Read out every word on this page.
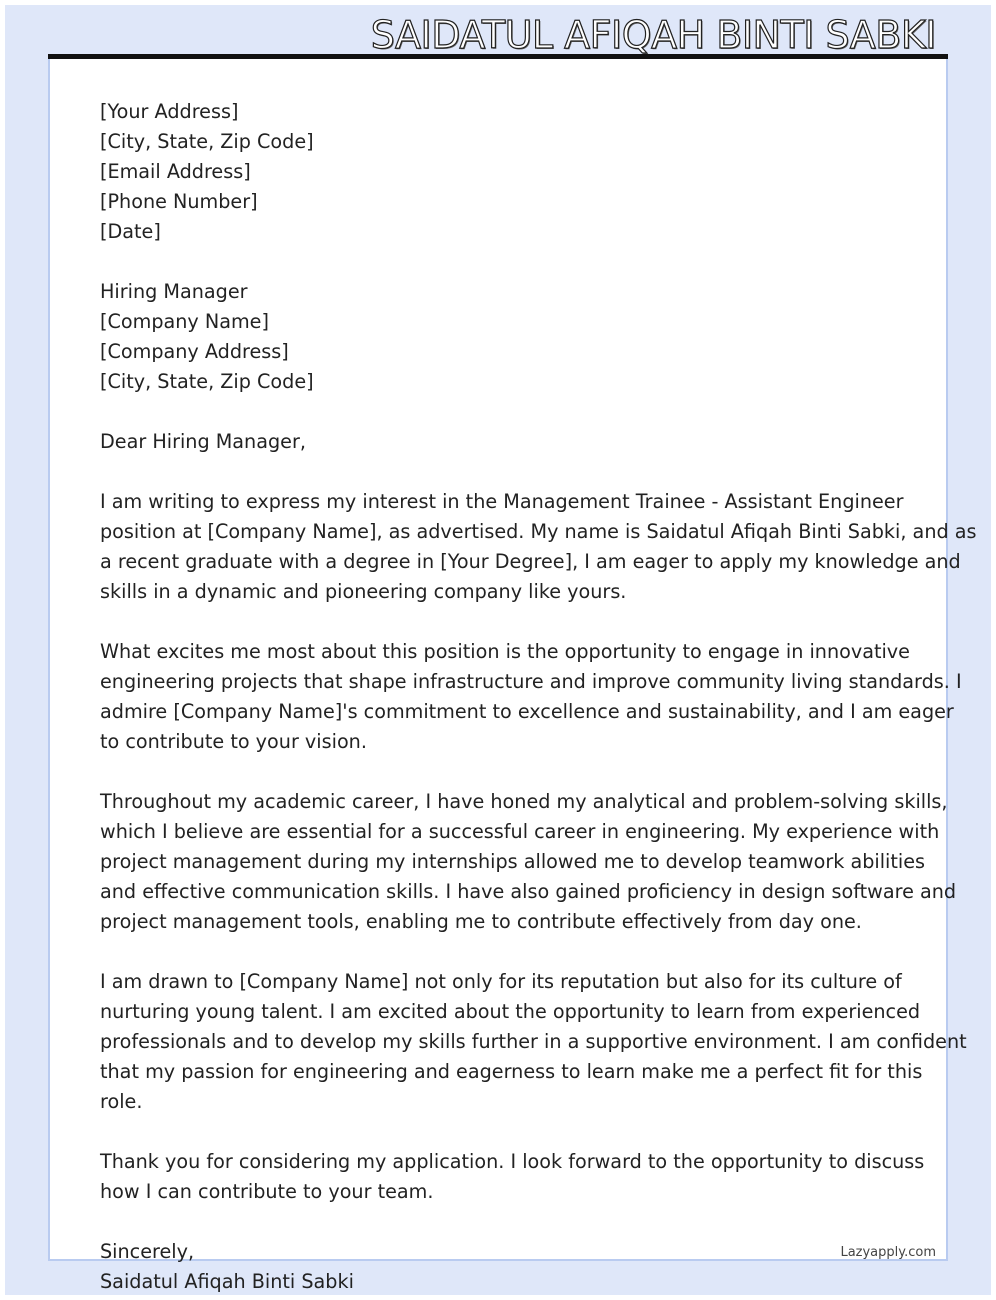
SAIDATUL AFIQAH BINTI SABKI
[Your Address]
[City, State, Zip Code]
[Email Address]
[Phone Number]
[Date]
Hiring Manager
[Company Name]
[Company Address]
[City, State, Zip Code]
Dear Hiring Manager,
I am writing to express my interest in the Management Trainee - Assistant Engineer
position at [Company Name], as advertised. My name is Saidatul Afiqah Binti Sabki, and as
a recent graduate with a degree in [Your Degree], I am eager to apply my knowledge and
skills in a dynamic and pioneering company like yours.
What excites me most about this position is the opportunity to engage in innovative
engineering projects that shape infrastructure and improve community living standards. I
admire [Company Name]'s commitment to excellence and sustainability, and I am eager
to contribute to your vision.
Throughout my academic career, I have honed my analytical and problem-solving skills,
which I believe are essential for a successful career in engineering. My experience with
project management during my internships allowed me to develop teamwork abilities
and effective communication skills. I have also gained proficiency in design software and
project management tools, enabling me to contribute effectively from day one.
I am drawn to [Company Name] not only for its reputation but also for its culture of
nurturing young talent. I am excited about the opportunity to learn from experienced
professionals and to develop my skills further in a supportive environment. I am confident
that my passion for engineering and eagerness to learn make me a perfect fit for this
role.
Thank you for considering my application. I look forward to the opportunity to discuss
how I can contribute to your team.
Sincerely,
Saidatul Afiqah Binti Sabki
Lazyapply.com
